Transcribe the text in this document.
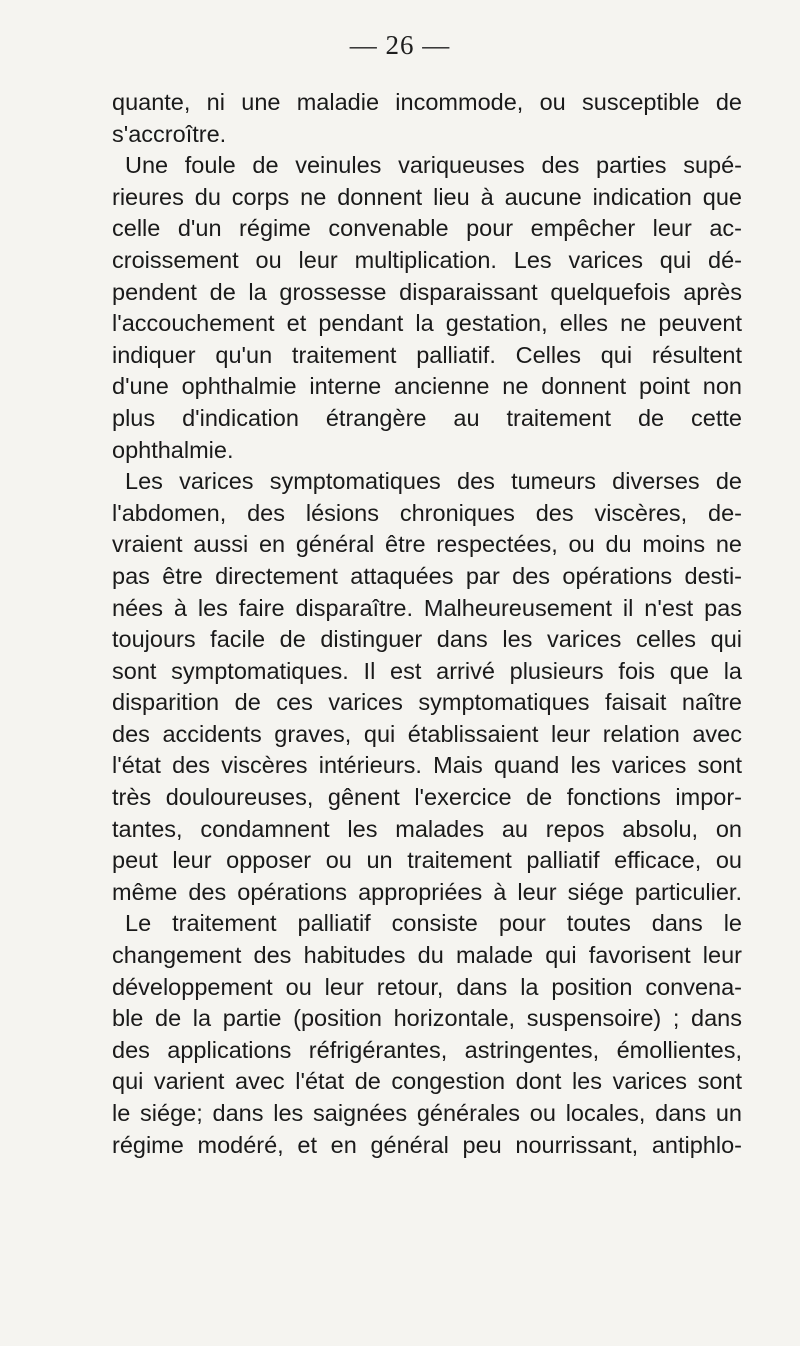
— 26 —
quante, ni une maladie incommode, ou susceptible de
s'accroître.
Une foule de veinules variqueuses des parties supé-
rieures du corps ne donnent lieu à aucune indication que
celle d'un régime convenable pour empêcher leur ac-
croissement ou leur multiplication. Les varices qui dé-
pendent de la grossesse disparaissant quelquefois après
l'accouchement et pendant la gestation, elles ne peuvent
indiquer qu'un traitement palliatif. Celles qui résultent
d'une ophthalmie interne ancienne ne donnent point non
plus d'indication étrangère au traitement de cette
ophthalmie.
Les varices symptomatiques des tumeurs diverses de
l'abdomen, des lésions chroniques des viscères, de-
vraient aussi en général être respectées, ou du moins ne
pas être directement attaquées par des opérations desti-
nées à les faire disparaître. Malheureusement il n'est pas
toujours facile de distinguer dans les varices celles qui
sont symptomatiques. Il est arrivé plusieurs fois que la
disparition de ces varices symptomatiques faisait naître
des accidents graves, qui établissaient leur relation avec
l'état des viscères intérieurs. Mais quand les varices sont
très douloureuses, gênent l'exercice de fonctions impor-
tantes, condamnent les malades au repos absolu, on
peut leur opposer ou un traitement palliatif efficace, ou
même des opérations appropriées à leur siége particulier.
Le traitement palliatif consiste pour toutes dans le
changement des habitudes du malade qui favorisent leur
développement ou leur retour, dans la position convena-
ble de la partie (position horizontale, suspensoire) ; dans
des applications réfrigérantes, astringentes, émollientes,
qui varient avec l'état de congestion dont les varices sont
le siége; dans les saignées générales ou locales, dans un
régime modéré, et en général peu nourrissant, antiphlo-
